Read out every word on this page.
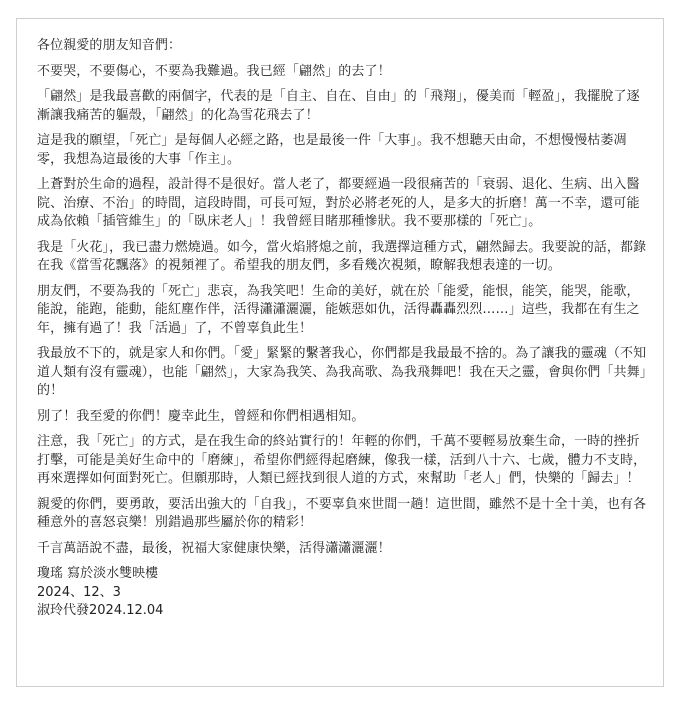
各位親愛的朋友知音們：

不要哭，不要傷心，不要為我難過。我已經「翩然」的去了！

「翩然」是我最喜歡的兩個字，代表的是「自主、自在、自由」的「飛翔」，優美而「輕盈」，我擺脫了逐漸讓我痛苦的軀殼，「翩然」的化為雪花飛去了！

這是我的願望，「死亡」是每個人必經之路，也是最後一件「大事」。我不想聽天由命，不想慢慢枯萎凋零，我想為這最後的大事「作主」。

上蒼對於生命的過程，設計得不是很好。當人老了，都要經過一段很痛苦的「衰弱、退化、生病、出入醫院、治療、不治」的時間，這段時間，可長可短，對於必將老死的人，是多大的折磨！萬一不幸，還可能成為依賴「插管維生」的「臥床老人」！我曾經目睹那種慘狀。我不要那樣的「死亡」。

我是「火花」，我已盡力燃燒過。如今，當火焰將熄之前，我選擇這種方式，翩然歸去。我要說的話，都錄在我《當雪花飄落》的視頻裡了。希望我的朋友們，多看幾次視頻，瞭解我想表達的一切。

朋友們，不要為我的「死亡」悲哀，為我笑吧！生命的美好，就在於「能愛，能恨，能笑，能哭，能歌，能說，能跑，能動，能紅塵作伴，活得瀟瀟灑灑，能嫉惡如仇，活得轟轟烈烈……」這些，我都在有生之年，擁有過了！我「活過」了，不曾辜負此生！

我最放不下的，就是家人和你們。「愛」緊緊的繫著我心，你們都是我最最不捨的。為了讓我的靈魂（不知道人類有沒有靈魂），也能「翩然」，大家為我笑、為我高歌、為我飛舞吧！我在天之靈，會與你們「共舞」的！

別了！我至愛的你們！慶幸此生，曾經和你們相遇相知。

注意，我「死亡」的方式，是在我生命的終站實行的！年輕的你們，千萬不要輕易放棄生命，一時的挫折打擊，可能是美好生命中的「磨練」，希望你們經得起磨練，像我一樣，活到八十六、七歲，體力不支時，再來選擇如何面對死亡。但願那時，人類已經找到很人道的方式，來幫助「老人」們，快樂的「歸去」！

親愛的你們，要勇敢，要活出強大的「自我」，不要辜負來世間一趟！這世間，雖然不是十全十美，也有各種意外的喜怒哀樂！別錯過那些屬於你的精彩！

千言萬語說不盡，最後，祝福大家健康快樂，活得瀟瀟灑灑！

瓊瑤 寫於淡水雙映樓

2024、12、3

淑玲代發2024.12.04
